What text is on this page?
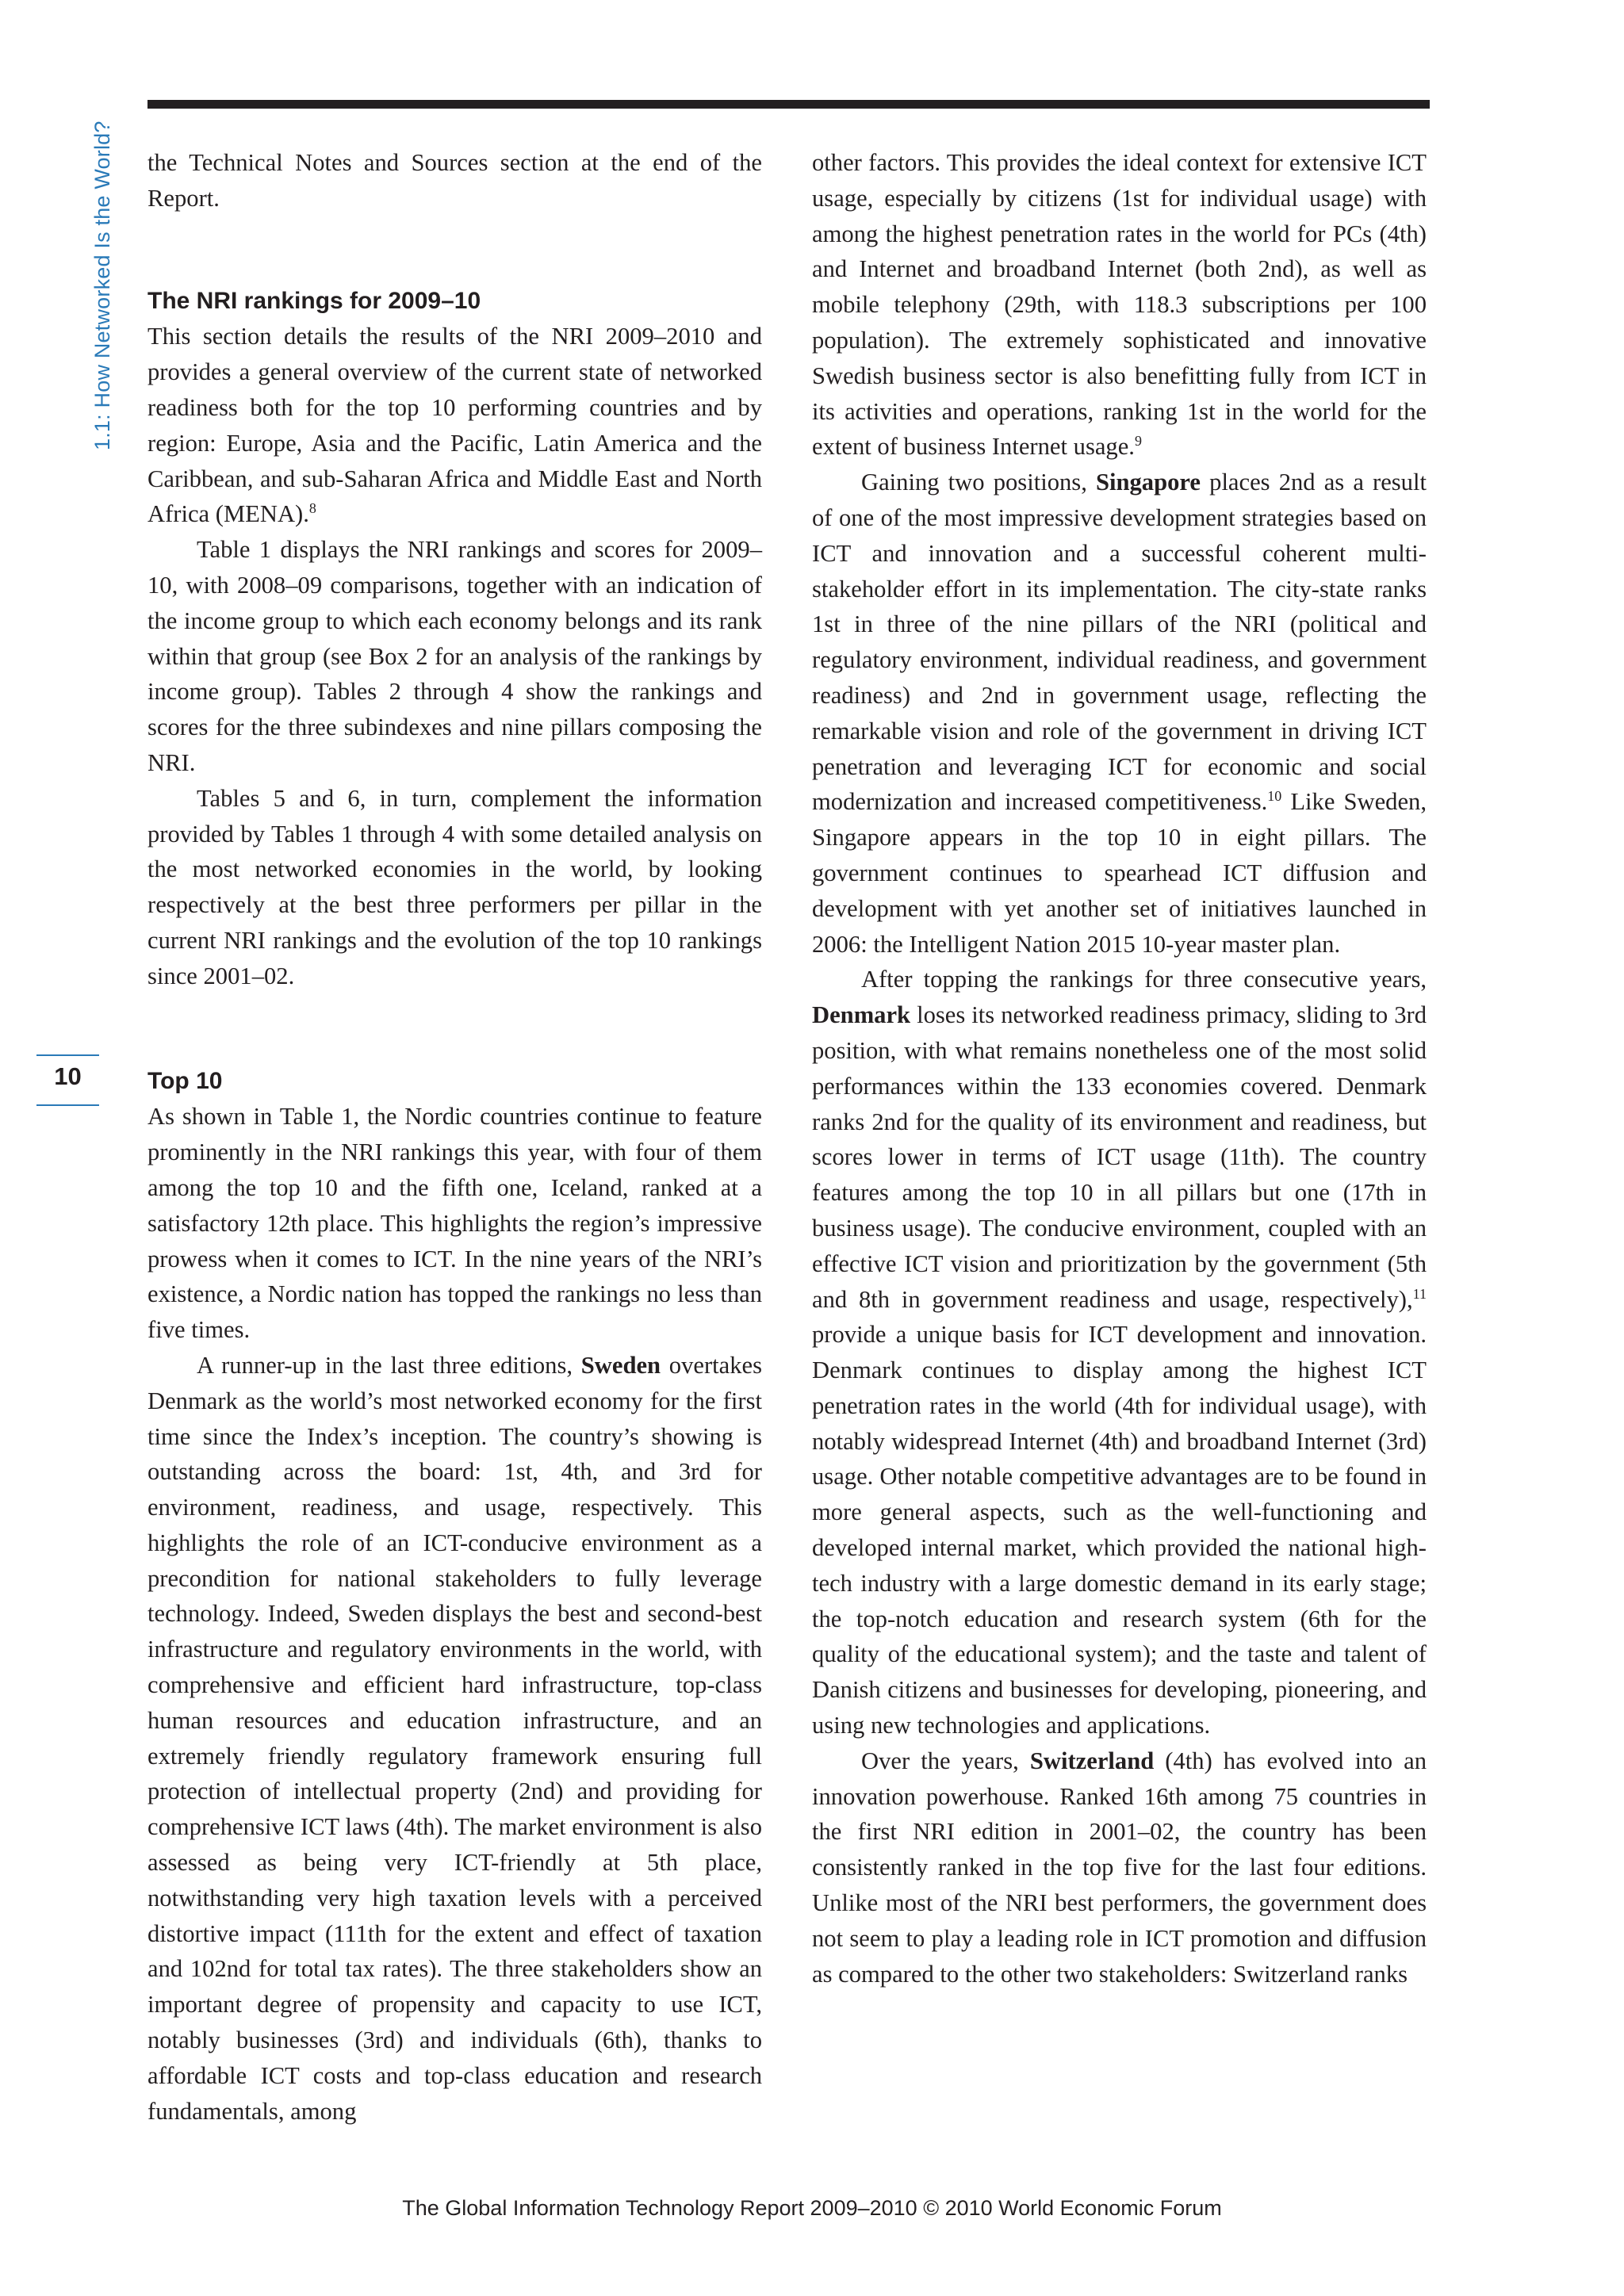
1.1: How Networked Is the World?
10

the Technical Notes and Sources section at the end of the Report.

The NRI rankings for 2009–10

This section details the results of the NRI 2009–2010 and provides a general overview of the current state of networked readiness both for the top 10 performing countries and by region: Europe, Asia and the Pacific, Latin America and the Caribbean, and sub-Saharan Africa and Middle East and North Africa (MENA).$^8$

Table 1 displays the NRI rankings and scores for 2009–10, with 2008–09 comparisons, together with an indication of the income group to which each economy belongs and its rank within that group (see Box 2 for an analysis of the rankings by income group). Tables 2 through 4 show the rankings and scores for the three subindexes and nine pillars composing the NRI.

Tables 5 and 6, in turn, complement the information provided by Tables 1 through 4 with some detailed analysis on the most networked economies in the world, by looking respectively at the best three performers per pillar in the current NRI rankings and the evolution of the top 10 rankings since 2001–02.

Top 10

As shown in Table 1, the Nordic countries continue to feature prominently in the NRI rankings this year, with four of them among the top 10 and the fifth one, Iceland, ranked at a satisfactory 12th place. This highlights the region’s impressive prowess when it comes to ICT. In the nine years of the NRI’s existence, a Nordic nation has topped the rankings no less than five times.

A runner-up in the last three editions, Sweden overtakes Denmark as the world’s most networked economy for the first time since the Index’s inception. The country’s showing is outstanding across the board: 1st, 4th, and 3rd for environment, readiness, and usage, respectively. This highlights the role of an ICT-conducive environment as a precondition for national stakeholders to fully leverage technology. Indeed, Sweden displays the best and second-best infrastructure and regulatory environments in the world, with comprehensive and efficient hard infrastructure, top-class human resources and education infrastructure, and an extremely friendly regulatory framework ensuring full protection of intellectual property (2nd) and providing for comprehensive ICT laws (4th). The market environment is also assessed as being very ICT-friendly at 5th place, notwithstanding very high taxation levels with a perceived distortive impact (111th for the extent and effect of taxation and 102nd for total tax rates). The three stakeholders show an important degree of propensity and capacity to use ICT, notably businesses (3rd) and individuals (6th), thanks to affordable ICT costs and top-class education and research fundamentals, among

other factors. This provides the ideal context for extensive ICT usage, especially by citizens (1st for individual usage) with among the highest penetration rates in the world for PCs (4th) and Internet and broadband Internet (both 2nd), as well as mobile telephony (29th, with 118.3 subscriptions per 100 population). The extremely sophisticated and innovative Swedish business sector is also benefitting fully from ICT in its activities and operations, ranking 1st in the world for the extent of business Internet usage.$^9$

Gaining two positions, Singapore places 2nd as a result of one of the most impressive development strategies based on ICT and innovation and a successful coherent multi-stakeholder effort in its implementation. The city-state ranks 1st in three of the nine pillars of the NRI (political and regulatory environment, individual readiness, and government readiness) and 2nd in government usage, reflecting the remarkable vision and role of the government in driving ICT penetration and leveraging ICT for economic and social modernization and increased competitiveness.$^{10}$ Like Sweden, Singapore appears in the top 10 in eight pillars. The government continues to spearhead ICT diffusion and development with yet another set of initiatives launched in 2006: the Intelligent Nation 2015 10-year master plan.

After topping the rankings for three consecutive years, Denmark loses its networked readiness primacy, sliding to 3rd position, with what remains nonetheless one of the most solid performances within the 133 economies covered. Denmark ranks 2nd for the quality of its environment and readiness, but scores lower in terms of ICT usage (11th). The country features among the top 10 in all pillars but one (17th in business usage). The conducive environment, coupled with an effective ICT vision and prioritization by the government (5th and 8th in government readiness and usage, respectively),$^{11}$ provide a unique basis for ICT development and innovation. Denmark continues to display among the highest ICT penetration rates in the world (4th for individual usage), with notably widespread Internet (4th) and broadband Internet (3rd) usage. Other notable competitive advantages are to be found in more general aspects, such as the well-functioning and developed internal market, which provided the national high-tech industry with a large domestic demand in its early stage; the top-notch education and research system (6th for the quality of the educational system); and the taste and talent of Danish citizens and businesses for developing, pioneering, and using new technologies and applications.

Over the years, Switzerland (4th) has evolved into an innovation powerhouse. Ranked 16th among 75 countries in the first NRI edition in 2001–02, the country has been consistently ranked in the top five for the last four editions. Unlike most of the NRI best performers, the government does not seem to play a leading role in ICT promotion and diffusion as compared to the other two stakeholders: Switzerland ranks

The Global Information Technology Report 2009–2010 © 2010 World Economic Forum
